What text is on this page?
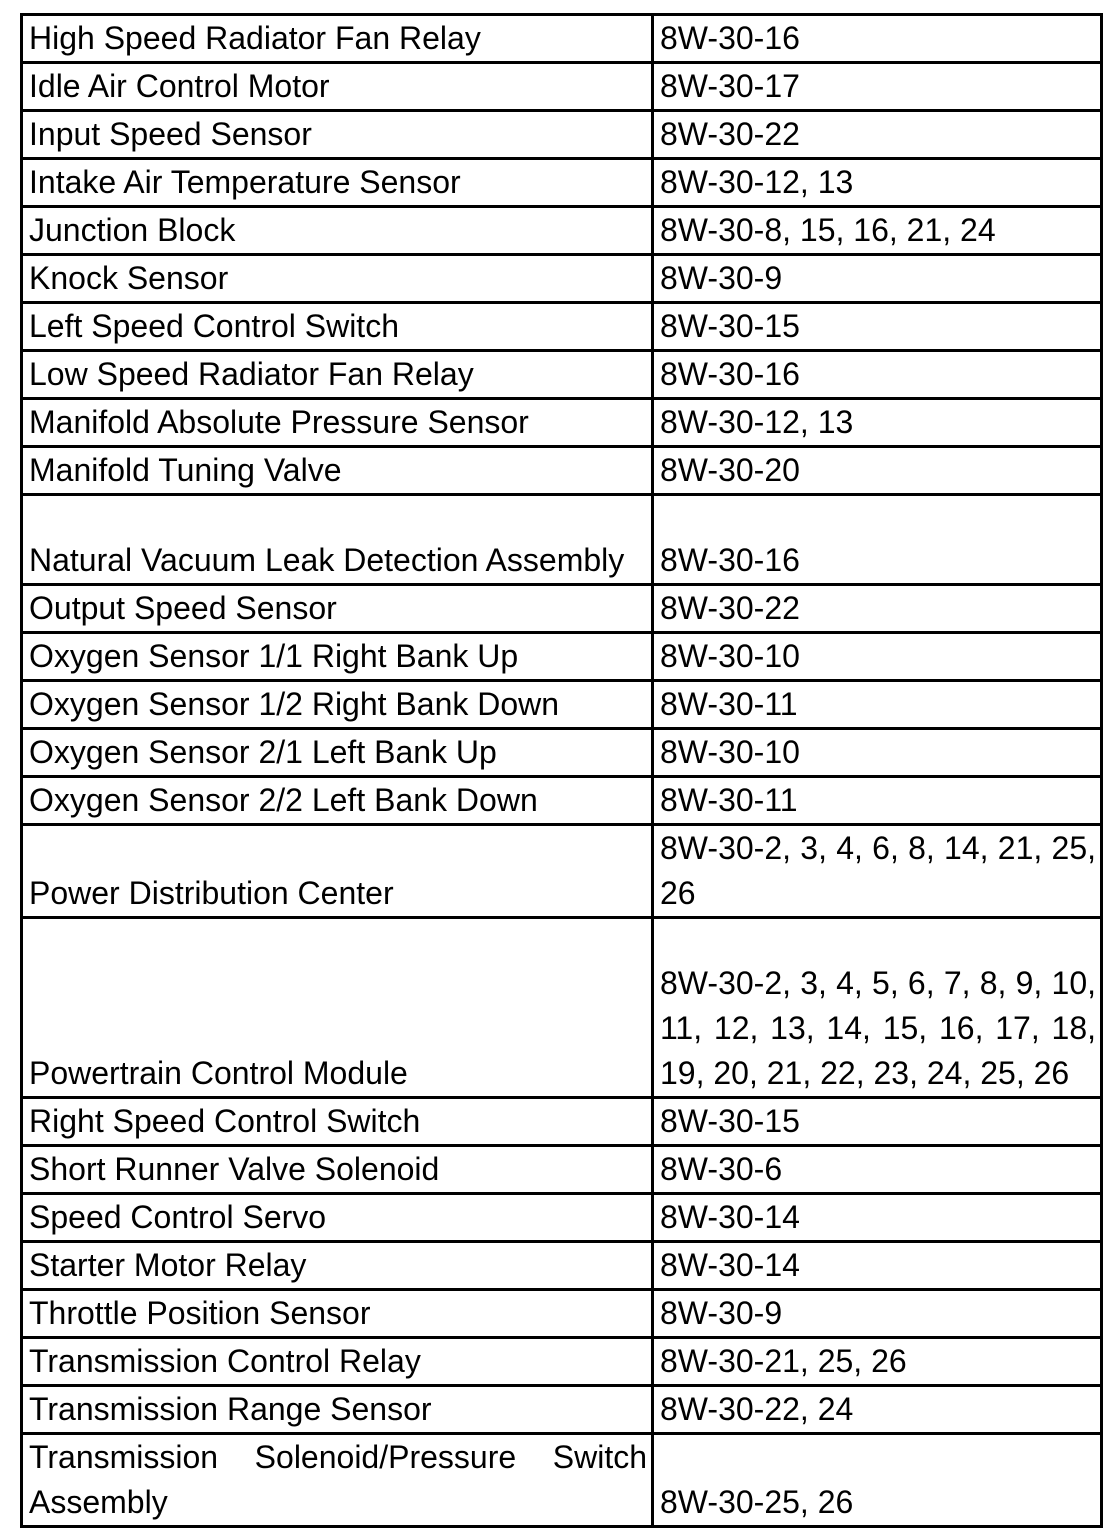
High Speed Radiator Fan Relay	8W-30-16
Idle Air Control Motor	8W-30-17
Input Speed Sensor	8W-30-22
Intake Air Temperature Sensor	8W-30-12, 13
Junction Block	8W-30-8, 15, 16, 21, 24
Knock Sensor	8W-30-9
Left Speed Control Switch	8W-30-15
Low Speed Radiator Fan Relay	8W-30-16
Manifold Absolute Pressure Sensor	8W-30-12, 13
Manifold Tuning Valve	8W-30-20
Natural Vacuum Leak Detection Assembly	8W-30-16
Output Speed Sensor	8W-30-22
Oxygen Sensor 1/1 Right Bank Up	8W-30-10
Oxygen Sensor 1/2 Right Bank Down	8W-30-11
Oxygen Sensor 2/1 Left Bank Up	8W-30-10
Oxygen Sensor 2/2 Left Bank Down	8W-30-11
Power Distribution Center	8W-30-2, 3, 4, 6, 8, 14, 21, 25, 26
Powertrain Control Module	8W-30-2, 3, 4, 5, 6, 7, 8, 9, 10, 11, 12, 13, 14, 15, 16, 17, 18, 19, 20, 21, 22, 23, 24, 25, 26
Right Speed Control Switch	8W-30-15
Short Runner Valve Solenoid	8W-30-6
Speed Control Servo	8W-30-14
Starter Motor Relay	8W-30-14
Throttle Position Sensor	8W-30-9
Transmission Control Relay	8W-30-21, 25, 26
Transmission Range Sensor	8W-30-22, 24
Transmission Solenoid/Pressure Switch Assembly	8W-30-25, 26
